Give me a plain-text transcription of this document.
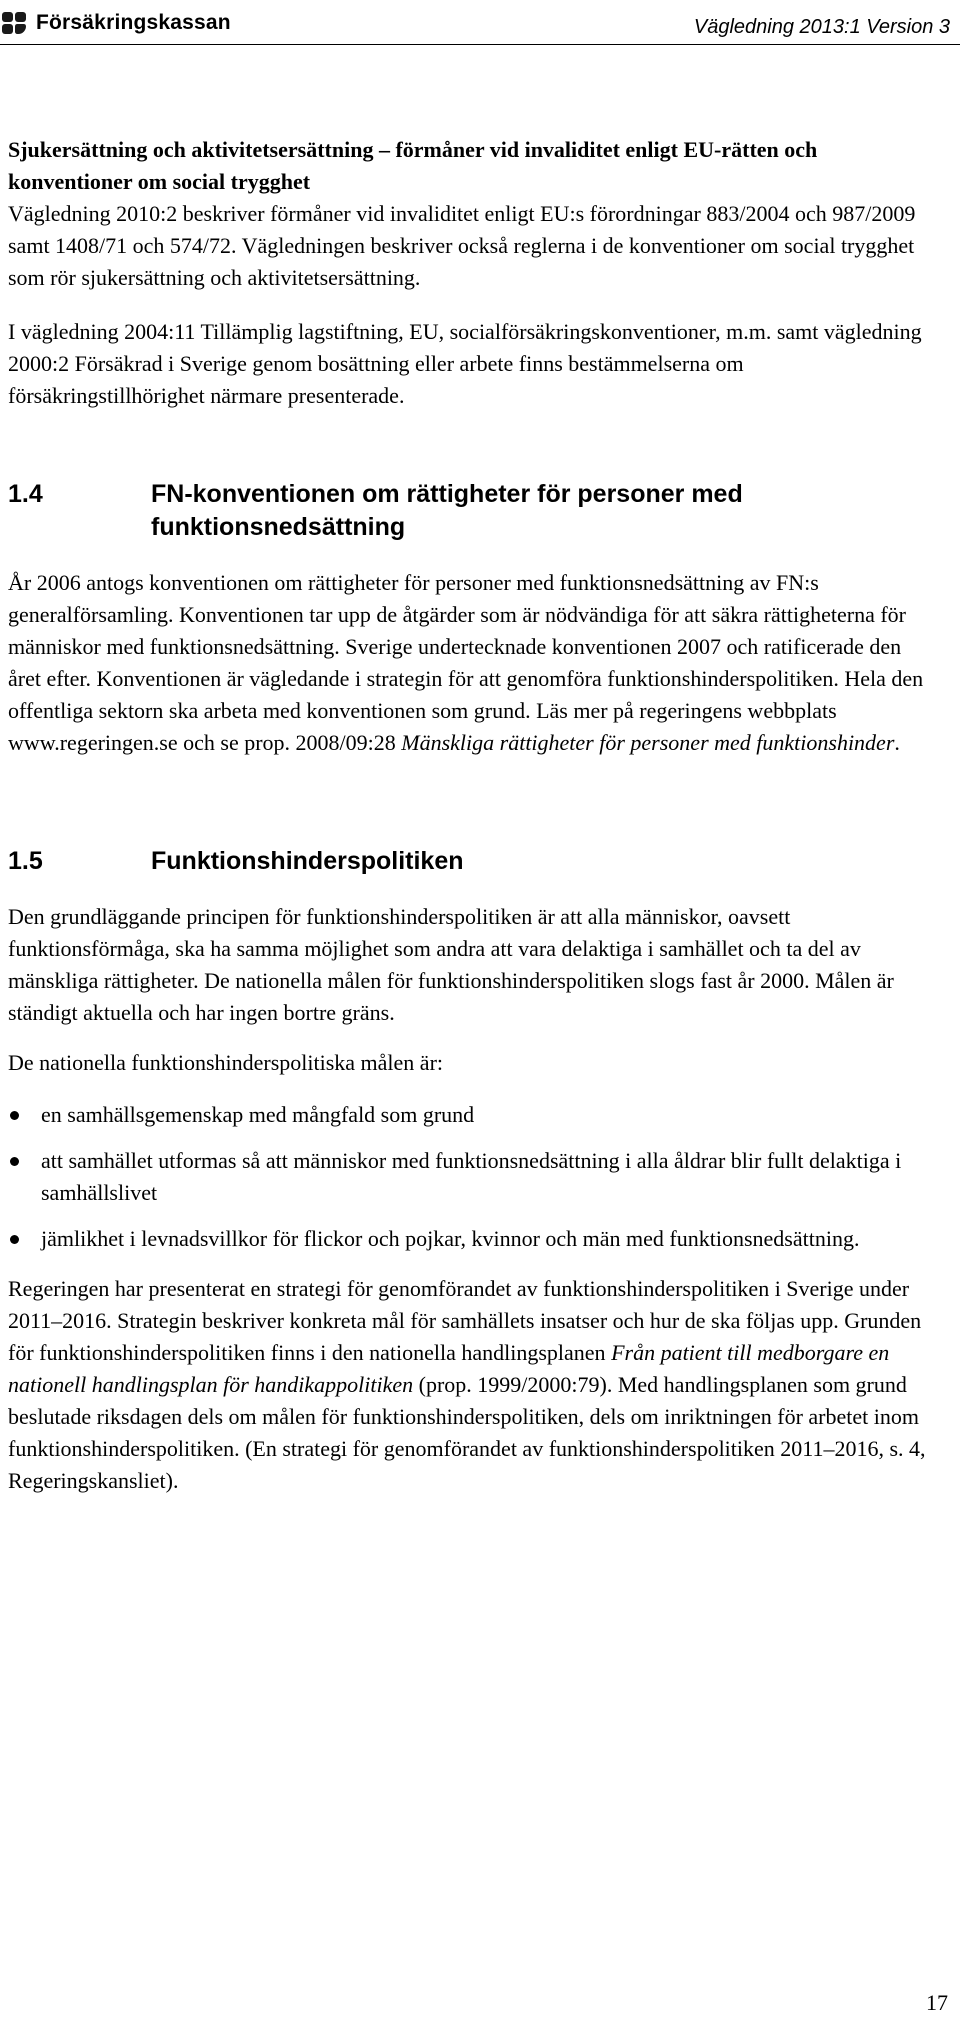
Försäkringskassan	Vägledning 2013:1 Version 3

Sjukersättning och aktivitetsersättning – förmåner vid invaliditet enligt EU-rätten och konventioner om social trygghet

Vägledning 2010:2 beskriver förmåner vid invaliditet enligt EU:s förordningar 883/2004 och 987/2009 samt 1408/71 och 574/72. Vägledningen beskriver också reglerna i de konventioner om social trygghet som rör sjukersättning och aktivitetsersättning.

I vägledning 2004:11 Tillämplig lagstiftning, EU, socialförsäkringskonventioner, m.m. samt vägledning 2000:2 Försäkrad i Sverige genom bosättning eller arbete finns bestämmelserna om försäkringstillhörighet närmare presenterade.

1.4	FN-konventionen om rättigheter för personer med funktionsnedsättning

År 2006 antogs konventionen om rättigheter för personer med funktionsnedsättning av FN:s generalförsamling. Konventionen tar upp de åtgärder som är nödvändiga för att säkra rättigheterna för människor med funktionsnedsättning. Sverige undertecknade konventionen 2007 och ratificerade den året efter. Konventionen är vägledande i strategin för att genomföra funktionshinderspolitiken. Hela den offentliga sektorn ska arbeta med konventionen som grund. Läs mer på regeringens webbplats www.regeringen.se och se prop. 2008/09:28 Mänskliga rättigheter för personer med funktionshinder.

1.5	Funktionshinderspolitiken

Den grundläggande principen för funktionshinderspolitiken är att alla människor, oavsett funktionsförmåga, ska ha samma möjlighet som andra att vara delaktiga i samhället och ta del av mänskliga rättigheter. De nationella målen för funktionshinderspolitiken slogs fast år 2000. Målen är ständigt aktuella och har ingen bortre gräns.

De nationella funktionshinderspolitiska målen är:

en samhällsgemenskap med mångfald som grund
att samhället utformas så att människor med funktionsnedsättning i alla åldrar blir fullt delaktiga i samhällslivet
jämlikhet i levnadsvillkor för flickor och pojkar, kvinnor och män med funktionsnedsättning.

Regeringen har presenterat en strategi för genomförandet av funktionshinderspolitiken i Sverige under 2011–2016. Strategin beskriver konkreta mål för samhällets insatser och hur de ska följas upp. Grunden för funktionshinderspolitiken finns i den nationella handlingsplanen Från patient till medborgare en nationell handlingsplan för handikappolitiken (prop. 1999/2000:79). Med handlingsplanen som grund beslutade riksdagen dels om målen för funktionshinderspolitiken, dels om inriktningen för arbetet inom funktionshinderspolitiken. (En strategi för genomförandet av funktionshinderspolitiken 2011–2016, s. 4, Regeringskansliet).

17
